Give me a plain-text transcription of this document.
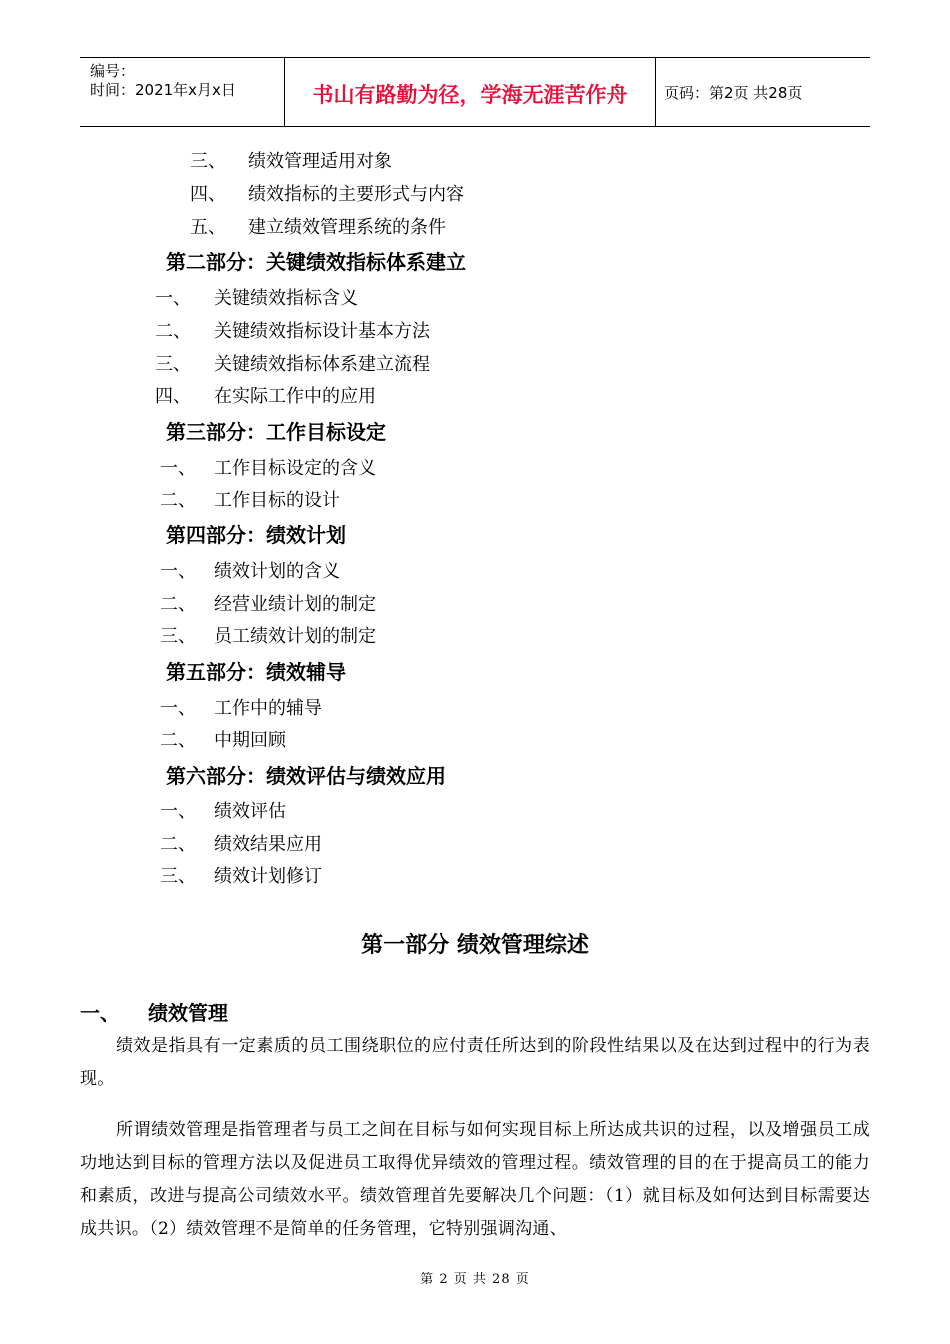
编号：
时间：2021年x月x日	书山有路勤为径，学海无涯苦作舟	页码：第2页 共28页
三、 绩效管理适用对象
四、 绩效指标的主要形式与内容
五、 建立绩效管理系统的条件
第二部分：关键绩效指标体系建立
一、 关键绩效指标含义
二、 关键绩效指标设计基本方法
三、 关键绩效指标体系建立流程
四、 在实际工作中的应用
第三部分：工作目标设定
一、 工作目标设定的含义
二、 工作目标的设计
第四部分：绩效计划
一、 绩效计划的含义
二、 经营业绩计划的制定
三、 员工绩效计划的制定
第五部分：绩效辅导
一、 工作中的辅导
二、 中期回顾
第六部分：绩效评估与绩效应用
一、 绩效评估
二、 绩效结果应用
三、 绩效计划修订
第一部分 绩效管理综述
一、 绩效管理
绩效是指具有一定素质的员工围绕职位的应付责任所达到的阶段性结果以及在达到过程中的行为表现。
所谓绩效管理是指管理者与员工之间在目标与如何实现目标上所达成共识的过程，以及增强员工成功地达到目标的管理方法以及促进员工取得优异绩效的管理过程。绩效管理的目的在于提高员工的能力和素质，改进与提高公司绩效水平。绩效管理首先要解决几个问题：（1）就目标及如何达到目标需要达成共识。（2）绩效管理不是简单的任务管理，它特别强调沟通、
第 2 页 共 28 页
